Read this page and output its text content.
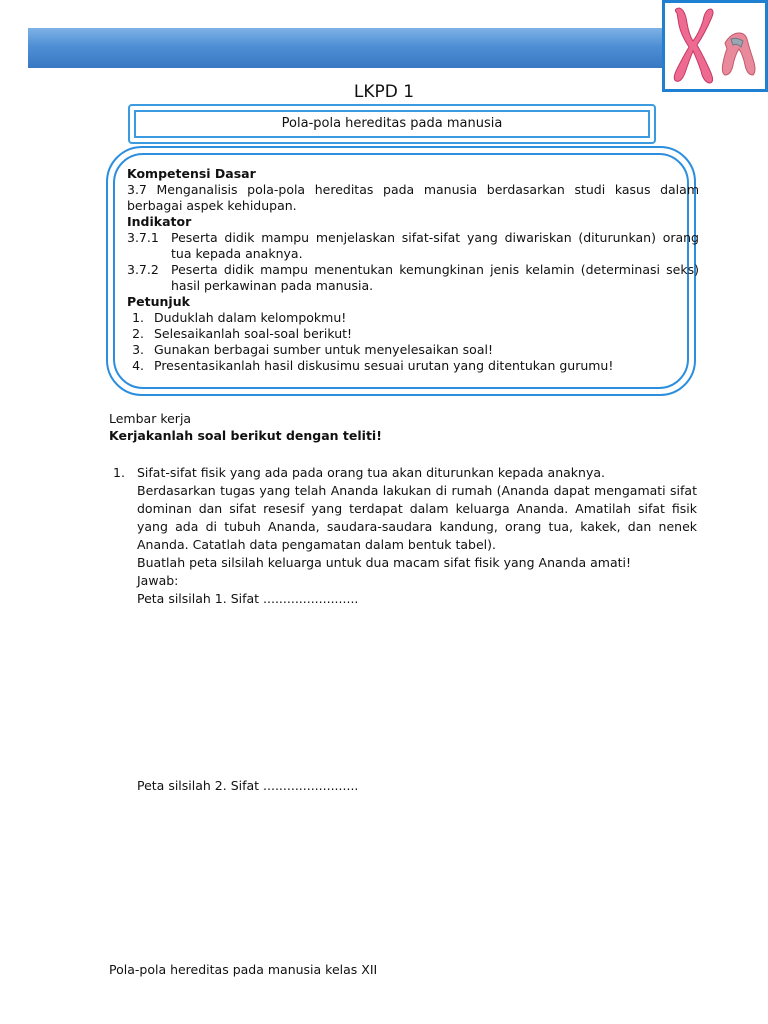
LKPD 1
Pola-pola hereditas pada manusia
Kompetensi Dasar
3.7 Menganalisis pola-pola hereditas pada manusia berdasarkan studi kasus dalam berbagai aspek kehidupan.
Indikator
3.7.1 Peserta didik mampu menjelaskan sifat-sifat yang diwariskan (diturunkan) orang tua kepada anaknya.
3.7.2 Peserta didik mampu menentukan kemungkinan jenis kelamin (determinasi seks) hasil perkawinan pada manusia.
Petunjuk
1. Duduklah dalam kelompokmu!
2. Selesaikanlah soal-soal berikut!
3. Gunakan berbagai sumber untuk menyelesaikan soal!
4. Presentasikanlah hasil diskusimu sesuai urutan yang ditentukan gurumu!
Lembar kerja
Kerjakanlah soal berikut dengan teliti!
1. Sifat-sifat fisik yang ada pada orang tua akan diturunkan kepada anaknya.
Berdasarkan tugas yang telah Ananda lakukan di rumah (Ananda dapat mengamati sifat dominan dan sifat resesif yang terdapat dalam keluarga Ananda. Amatilah sifat fisik yang ada di tubuh Ananda, saudara-saudara kandung, orang tua, kakek, dan nenek Ananda. Catatlah data pengamatan dalam bentuk tabel).
Buatlah peta silsilah keluarga untuk dua macam sifat fisik yang Ananda amati!
Jawab:
Peta silsilah 1. Sifat ........................
Peta silsilah 2. Sifat ........................
Pola-pola hereditas pada manusia kelas XII
